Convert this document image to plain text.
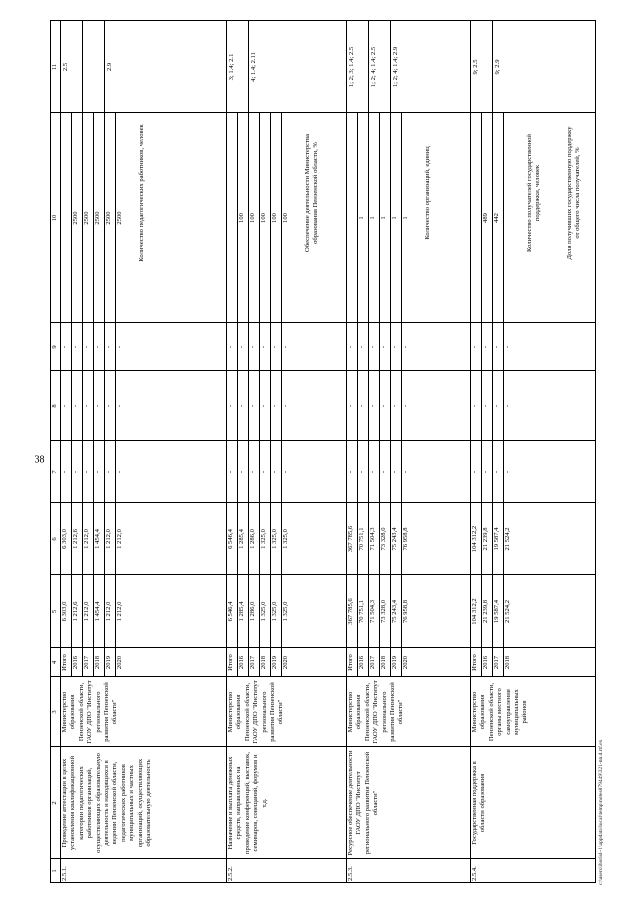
38
1
2
3
4
5
6
7
8
9
10
11
Итого
6 303,0
6 303,0
-
-
-
2016
1 212,6
1 212,6
-
-
-
2500
2017
1 212,0
1 212,0
-
-
-
2500
2018
1 454,4
1 454,4
-
-
-
2500
2019
1 212,0
1 212,0
-
-
-
2500
2020
1 212,0
1 212,0
-
-
-
2500
2.5.1.
Проведение аттестации в целях установления квалификационной категории педагогических работников организаций, осуществляющих образовательную деятельность и находящихся в ведении Пензенской области, педагогических работников муниципальных и частных организаций, осуществляющих образовательную деятельность
Министерство образования Пензенской области, ГАОУ ДПО "Институт регионального развития Пензенской области"
Количество педагогических работников, человек
2.5	2.9
Итого
6 546,4
6 546,4
-
-
-
2016
1 285,4
1 285,4
-
-
-
100
2017
1 286,0
1 286,0
-
-
-
100
2018
1 325,0
1 325,0
-
-
-
100
2019
1 325,0
1 325,0
-
-
-
100
2020
1 325,0
1 325,0
-
-
-
100
2.5.2.
Назначение и выплата денежных средств, направленных на проведение конференций, выставок, семинаров, совещаний, форумов и т.д.
Министерство образования Пензенской области, ГАОУ ДПО "Институт регионального развития Пензенской области"
Обеспечение деятельности Министерства образования Пензенской области, %
3; 1.4; 2.1 4; 1.4; 2.11
Итого
367 785,6
367 785,6
-
-
-
2016
70 751,1
70 751,1
-
-
-
1
2017
71 504,3
71 504,3
-
-
-
1
2018
73 328,0
73 328,0
-
-
-
1
2019
75 243,4
75 243,4
-
-
-
1
2020
76 958,8
76 958,8
-
-
-
1
2.5.3.
Ресурсное обеспечение деятельности ГАОУ ДПО "Институт регионального развития Пензенской области"
Министерство образования Пензенской области, ГАОУ ДПО "Институт регионального развития Пензенской области"
Количество организаций, единиц
1; 2; 3; 1.4; 2.5 1; 2; 4; 1.4; 2.5 1; 2; 4; 1.4; 2.9
Итого
104 312,2
104 312,2
-
-
-
2016
21 239,8
21 239,8
-
-
-
489
2017
19 587,4
19 587,4
-
-
-
442
2018
21 524,2
21 524,2
-
-
-
2.5.4.
Государственная поддержка в области образования
Министерство образования Пензенской области, органы местного самоуправления муниципальных районов
Количество получателей государственной поддержки, человек	Доля получивших государственную поддержку от общего числа получателей, %
9; 2.5 9; 2.9
c:\users\iborisl~1\appdata\local\temp\notes879449\321-nn.d.rtf.ex
